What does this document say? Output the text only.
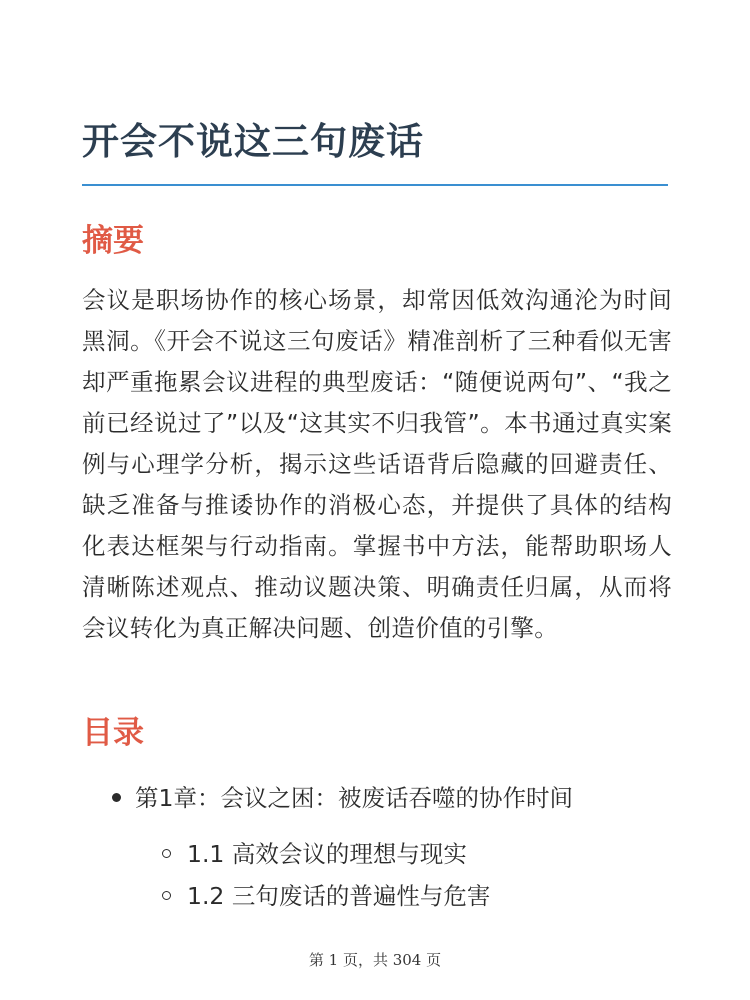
开会不说这三句废话
摘要

会议是职场协作的核心场景，却常因低效沟通沦为时间黑洞。《开会不说这三句废话》精准剖析了三种看似无害却严重拖累会议进程的典型废话：“随便说两句”、“我之前已经说过了”以及“这其实不归我管”。本书通过真实案例与心理学分析，揭示这些话语背后隐藏的回避责任、缺乏准备与推诿协作的消极心态，并提供了具体的结构化表达框架与行动指南。掌握书中方法，能帮助职场人清晰陈述观点、推动议题决策、明确责任归属，从而将会议转化为真正解决问题、创造价值的引擎。

目录
第1章：会议之困：被废话吞噬的协作时间
1.1 高效会议的理想与现实
1.2 三句废话的普遍性与危害
第 1 页，共 304 页
